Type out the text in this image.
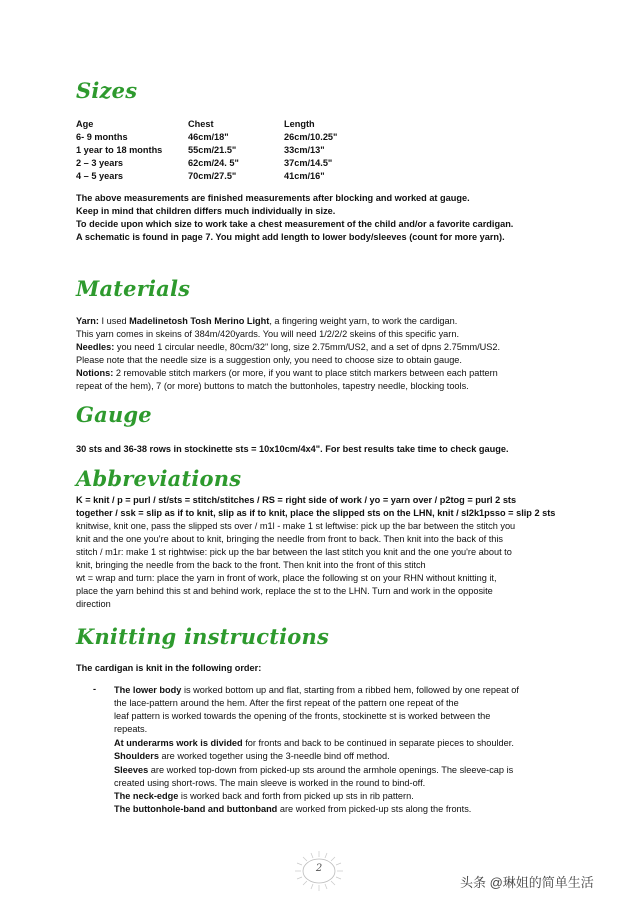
Sizes
Age	Chest	Length
6- 9 months	46cm/18"	26cm/10.25"
1 year to 18 months	55cm/21.5"	33cm/13"
2 – 3 years	62cm/24. 5"	37cm/14.5"
4 – 5 years	70cm/27.5"	41cm/16"
The above measurements are finished measurements after blocking and worked at gauge.
Keep in mind that children differs much individually in size.
To decide upon which size to work take a chest measurement of the child and/or a favorite cardigan.
A schematic is found in page 7. You might add length to lower body/sleeves (count for more yarn).
Materials
Yarn: I used Madelinetosh Tosh Merino Light, a fingering weight yarn, to work the cardigan.
This yarn comes in skeins of 384m/420yards. You will need 1/2/2/2 skeins of this specific yarn.
Needles: you need 1 circular needle, 80cm/32" long, size 2.75mm/US2, and a set of dpns 2.75mm/US2.
Please note that the needle size is a suggestion only, you need to choose size to obtain gauge.
Notions: 2 removable stitch markers (or more, if you want to place stitch markers between each pattern
repeat of the hem), 7 (or more) buttons to match the buttonholes, tapestry needle, blocking tools.
Gauge
30 sts and 36-38 rows in stockinette sts = 10x10cm/4x4". For best results take time to check gauge.
Abbreviations
K = knit / p = purl / st/sts = stitch/stitches / RS = right side of work / yo = yarn over / p2tog = purl 2 sts
together / ssk = slip as if to knit, slip as if to knit, place the slipped sts on the LHN, knit / sl2k1psso = slip 2 sts
knitwise, knit one, pass the slipped sts over / m1l - make 1 st leftwise: pick up the bar between the stitch you
knit and the one you're about to knit, bringing the needle from front to back. Then knit into the back of this
stitch / m1r: make 1 st rightwise: pick up the bar between the last stitch you knit and the one you're about to
knit, bringing the needle from the back to the front. Then knit into the front of this stitch
wt = wrap and turn: place the yarn in front of work, place the following st on your RHN without knitting it,
place the yarn behind this st and behind work, replace the st to the LHN. Turn and work in the opposite
direction
Knitting instructions
The cardigan is knit in the following order:
- The lower body is worked bottom up and flat, starting from a ribbed hem, followed by one repeat of
the lace-pattern around the hem. After the first repeat of the pattern one repeat of the
leaf pattern is worked towards the opening of the fronts, stockinette st is worked between the
repeats.
At underarms work is divided for fronts and back to be continued in separate pieces to shoulder.
Shoulders are worked together using the 3-needle bind off method.
Sleeves are worked top-down from picked-up sts around the armhole openings. The sleeve-cap is
created using short-rows. The main sleeve is worked in the round to bind-off.
The neck-edge is worked back and forth from picked up sts in rib pattern.
The buttonhole-band and buttonband are worked from picked-up sts along the fronts.
2
头条 @琳姐的简单生活
